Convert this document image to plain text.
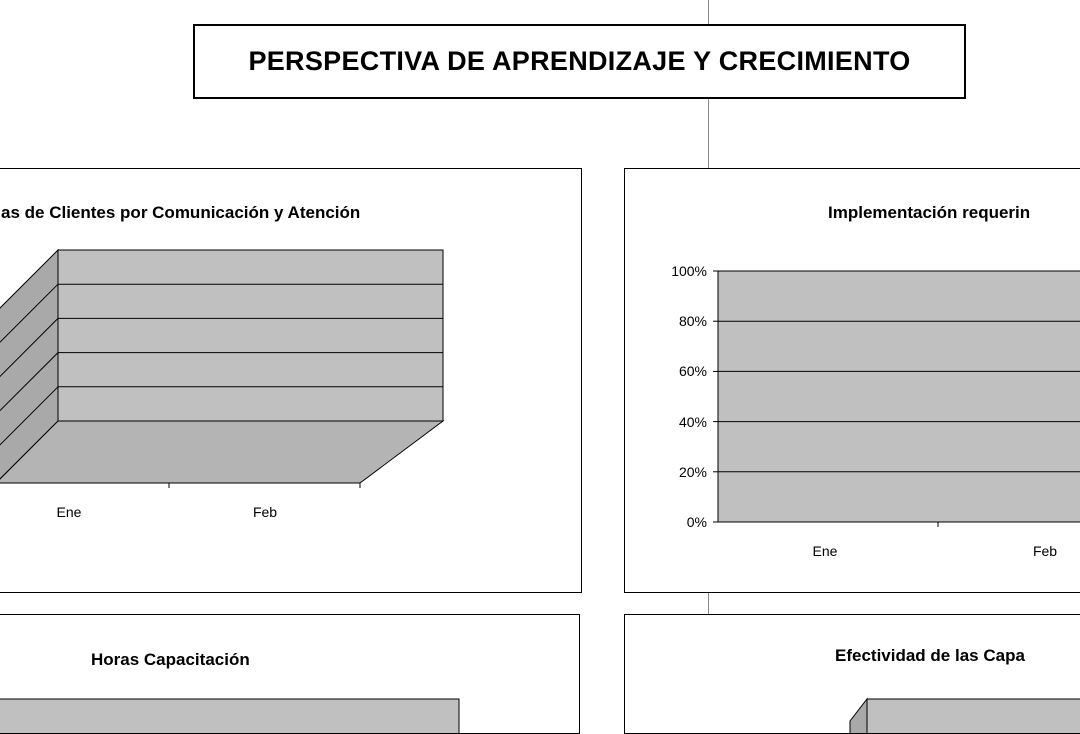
PERSPECTIVA DE APRENDIZAJE Y CRECIMIENTO
as de Clientes por Comunicación y Atención
Ene	Feb
Implementación requerin
100%
80%
60%
40%
20%
0%
Ene	Feb
Horas Capacitación	Efectividad de las Capa
